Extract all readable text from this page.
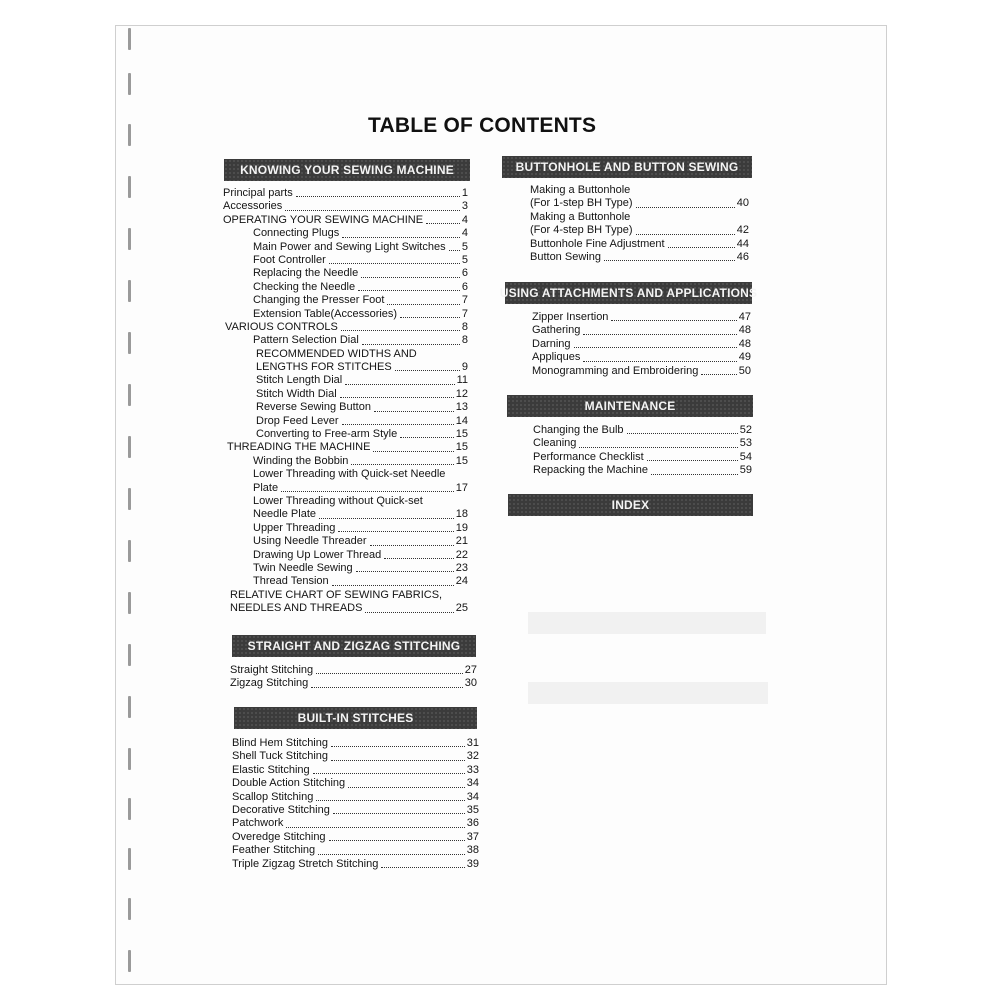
TABLE OF CONTENTS
KNOWING YOUR SEWING MACHINE
Principal parts	1
Accessories	3
OPERATING YOUR SEWING MACHINE	4
Connecting Plugs	4
Main Power and Sewing Light Switches 5
Foot Controller	5
Replacing the Needle	6
Checking the Needle	6
Changing the Presser Foot	7
Extension Table(Accessories)	7
VARIOUS CONTROLS	8
Pattern Selection Dial	8
RECOMMENDED WIDTHS AND
LENGTHS FOR STITCHES	9
Stitch Length Dial	11
Stitch Width Dial	12
Reverse Sewing Button	13
Drop Feed Lever	14
Converting to Free-arm Style	15
THREADING THE MACHINE	15
Winding the Bobbin	15
Lower Threading with Quick-set Needle
Plate	17
Lower Threading without Quick-set
Needle Plate	18
Upper Threading	19
Using Needle Threader	21
Drawing Up Lower Thread	22
Twin Needle Sewing	23
Thread Tension	24
RELATIVE CHART OF SEWING FABRICS,
NEEDLES AND THREADS	25
STRAIGHT AND ZIGZAG STITCHING
Straight Stitching	27
Zigzag Stitching	30
BUILT-IN STITCHES
Blind Hem Stitching	31
Shell Tuck Stitching	32
Elastic Stitching	33
Double Action Stitching	34
Scallop Stitching	34
Decorative Stitching	35
Patchwork	36
Overedge Stitching	37
Feather Stitching	38
Triple Zigzag Stretch Stitching	39
BUTTONHOLE AND BUTTON SEWING
Making a Buttonhole
(For 1-step BH Type)	40
Making a Buttonhole
(For 4-step BH Type)	42
Buttonhole Fine Adjustment	44
Button Sewing	46
USING ATTACHMENTS AND APPLICATIONS
Zipper Insertion	47
Gathering	48
Darning	48
Appliques	49
Monogramming and Embroidering	50
MAINTENANCE
Changing the Bulb	52
Cleaning	53
Performance Checklist	54
Repacking the Machine	59
INDEX
